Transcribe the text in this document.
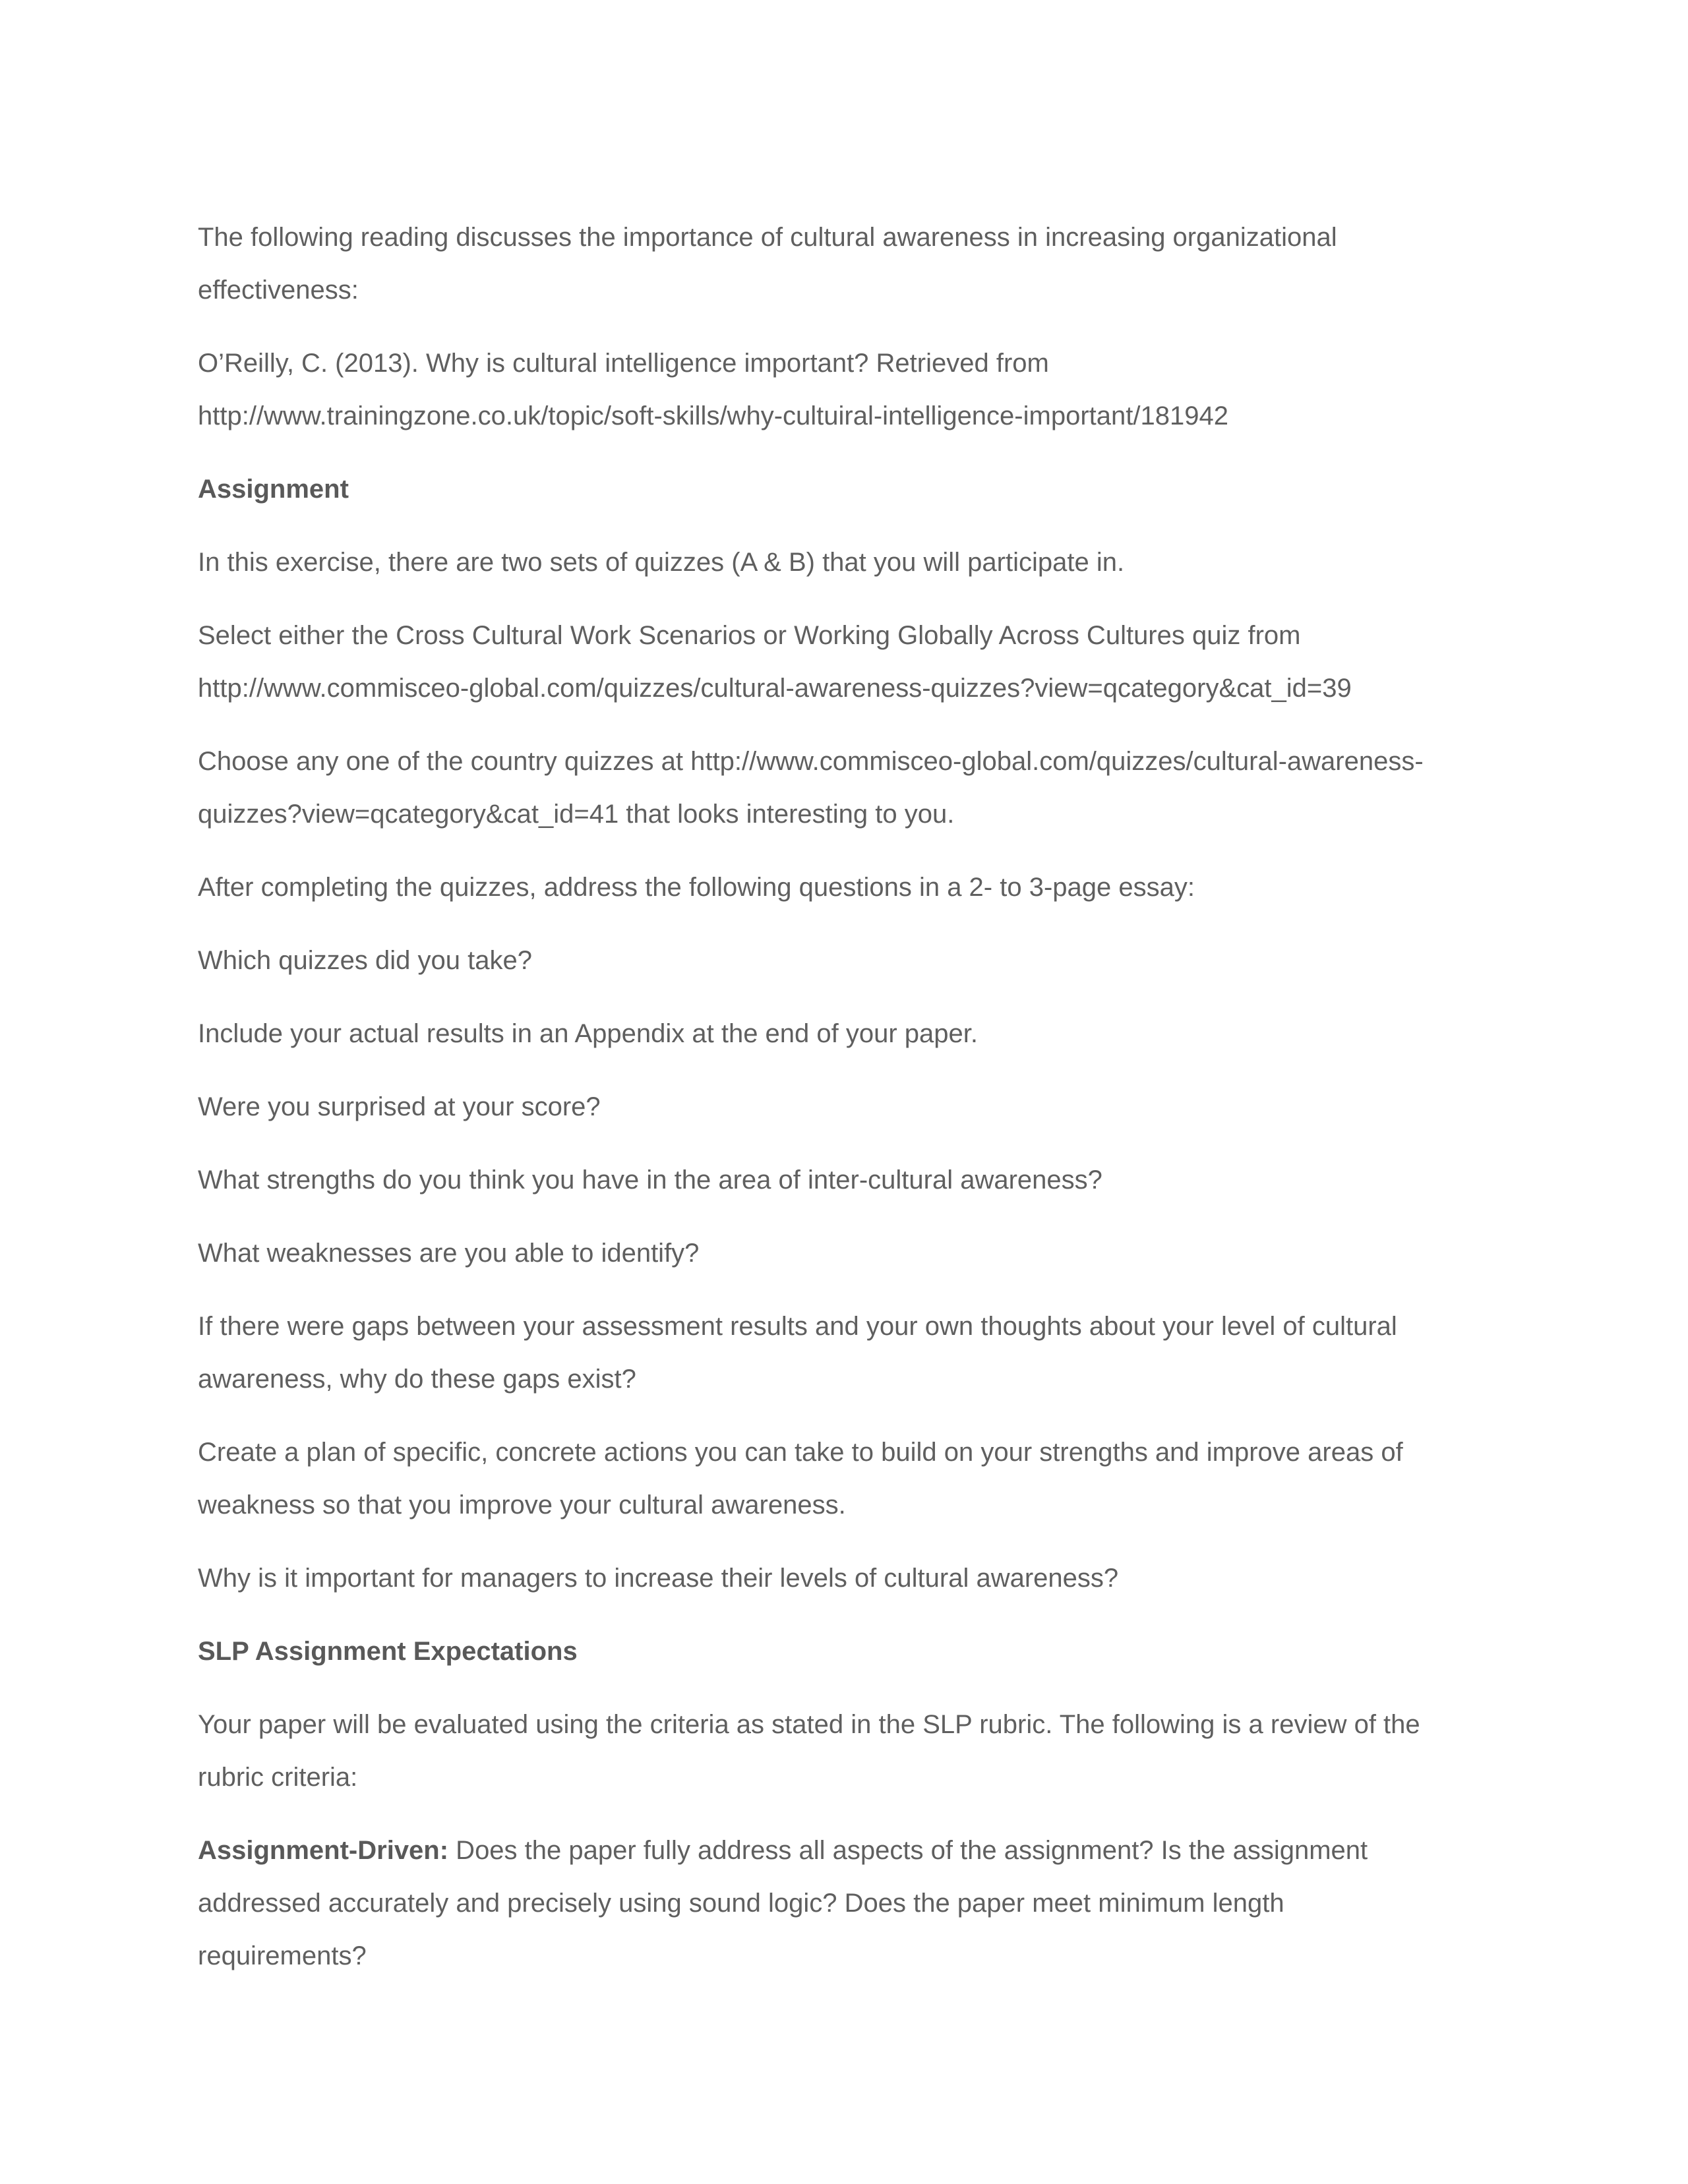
The following reading discusses the importance of cultural awareness in increasing organizational
effectiveness:

O’Reilly, C. (2013). Why is cultural intelligence important? Retrieved from
http://www.trainingzone.co.uk/topic/soft-skills/why-cultuiral-intelligence-important/181942

Assignment

In this exercise, there are two sets of quizzes (A & B) that you will participate in.

Select either the Cross Cultural Work Scenarios or Working Globally Across Cultures quiz from
http://www.commisceo-global.com/quizzes/cultural-awareness-quizzes?view=qcategory&cat_id=39

Choose any one of the country quizzes at http://www.commisceo-global.com/quizzes/cultural-awareness-
quizzes?view=qcategory&cat_id=41 that looks interesting to you.

After completing the quizzes, address the following questions in a 2- to 3-page essay:

Which quizzes did you take?

Include your actual results in an Appendix at the end of your paper.

Were you surprised at your score?

What strengths do you think you have in the area of inter-cultural awareness?

What weaknesses are you able to identify?

If there were gaps between your assessment results and your own thoughts about your level of cultural
awareness, why do these gaps exist?

Create a plan of specific, concrete actions you can take to build on your strengths and improve areas of
weakness so that you improve your cultural awareness.

Why is it important for managers to increase their levels of cultural awareness?

SLP Assignment Expectations

Your paper will be evaluated using the criteria as stated in the SLP rubric. The following is a review of the
rubric criteria:

Assignment-Driven: Does the paper fully address all aspects of the assignment? Is the assignment
addressed accurately and precisely using sound logic? Does the paper meet minimum length
requirements?
